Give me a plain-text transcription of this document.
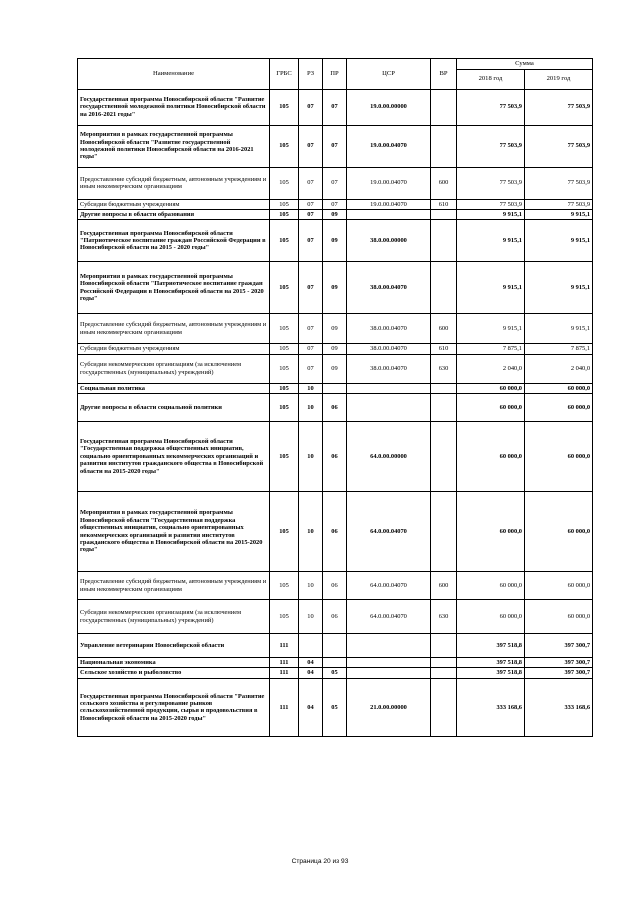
Наименование	ГРБС	РЗ	ПР	ЦСР	ВР	Сумма	
						2018 год	2019 год
Государственная программа Новосибирской области "Развитие государственной молодежной политики Новосибирской области на 2016-2021 годы"	105	07	07	19.0.00.00000		77 503,9	77 503,9
Мероприятия в рамках государственной программы Новосибирской области "Развитие государственной молодежной политики Новосибирской области на 2016-2021 годы"	105	07	07	19.0.00.04070		77 503,9	77 503,9
Предоставление субсидий бюджетным, автономным учреждениям и иным некоммерческим организациям	105	07	07	19.0.00.04070	600	77 503,9	77 503,9
Субсидии бюджетным учреждениям	105	07	07	19.0.00.04070	610	77 503,9	77 503,9
Другие вопросы в области образования	105	07	09			9 915,1	9 915,1
Государственная программа Новосибирской области "Патриотическое воспитание граждан Российской Федерации в Новосибирской области на 2015 - 2020 годы"	105	07	09	38.0.00.00000		9 915,1	9 915,1
Мероприятия в рамках государственной программы Новосибирской области "Патриотическое воспитание граждан Российской Федерации в Новосибирской области на 2015 - 2020 годы"	105	07	09	38.0.00.04070		9 915,1	9 915,1
Предоставление субсидий бюджетным, автономным учреждениям и иным некоммерческим организациям	105	07	09	38.0.00.04070	600	9 915,1	9 915,1
Субсидии бюджетным учреждениям	105	07	09	38.0.00.04070	610	7 875,1	7 875,1
Субсидии некоммерческим организациям (за исключением государственных (муниципальных) учреждений)	105	07	09	38.0.00.04070	630	2 040,0	2 040,0
Социальная политика	105	10				60 000,0	60 000,0
Другие вопросы в области социальной политики	105	10	06			60 000,0	60 000,0
Государственная программа Новосибирской области "Государственная поддержка общественных инициатив, социально ориентированных некоммерческих организаций и развития институтов гражданского общества в Новосибирской области на 2015-2020 годы"	105	10	06	64.0.00.00000		60 000,0	60 000,0
Мероприятия в рамках государственной программы Новосибирской области "Государственная поддержка общественных инициатив, социально ориентированных некоммерческих организаций и развития институтов гражданского общества в Новосибирской области на 2015-2020 годы"	105	10	06	64.0.00.04070		60 000,0	60 000,0
Предоставление субсидий бюджетным, автономным учреждениям и иным некоммерческим организациям	105	10	06	64.0.00.04070	600	60 000,0	60 000,0
Субсидии некоммерческим организациям (за исключением государственных (муниципальных) учреждений)	105	10	06	64.0.00.04070	630	60 000,0	60 000,0
Управление ветеринарии Новосибирской области	111					397 518,8	397 300,7
Национальная экономика	111	04				397 518,8	397 300,7
Сельское хозяйство и рыболовство	111	04	05			397 518,8	397 300,7
Государственная программа Новосибирской области "Развитие сельского хозяйства и регулирование рынков сельскохозяйственной продукции, сырья и продовольствия в Новосибирской области на 2015-2020 годы"	111	04	05	21.0.00.00000		333 168,6	333 168,6
Страница 20 из 93
